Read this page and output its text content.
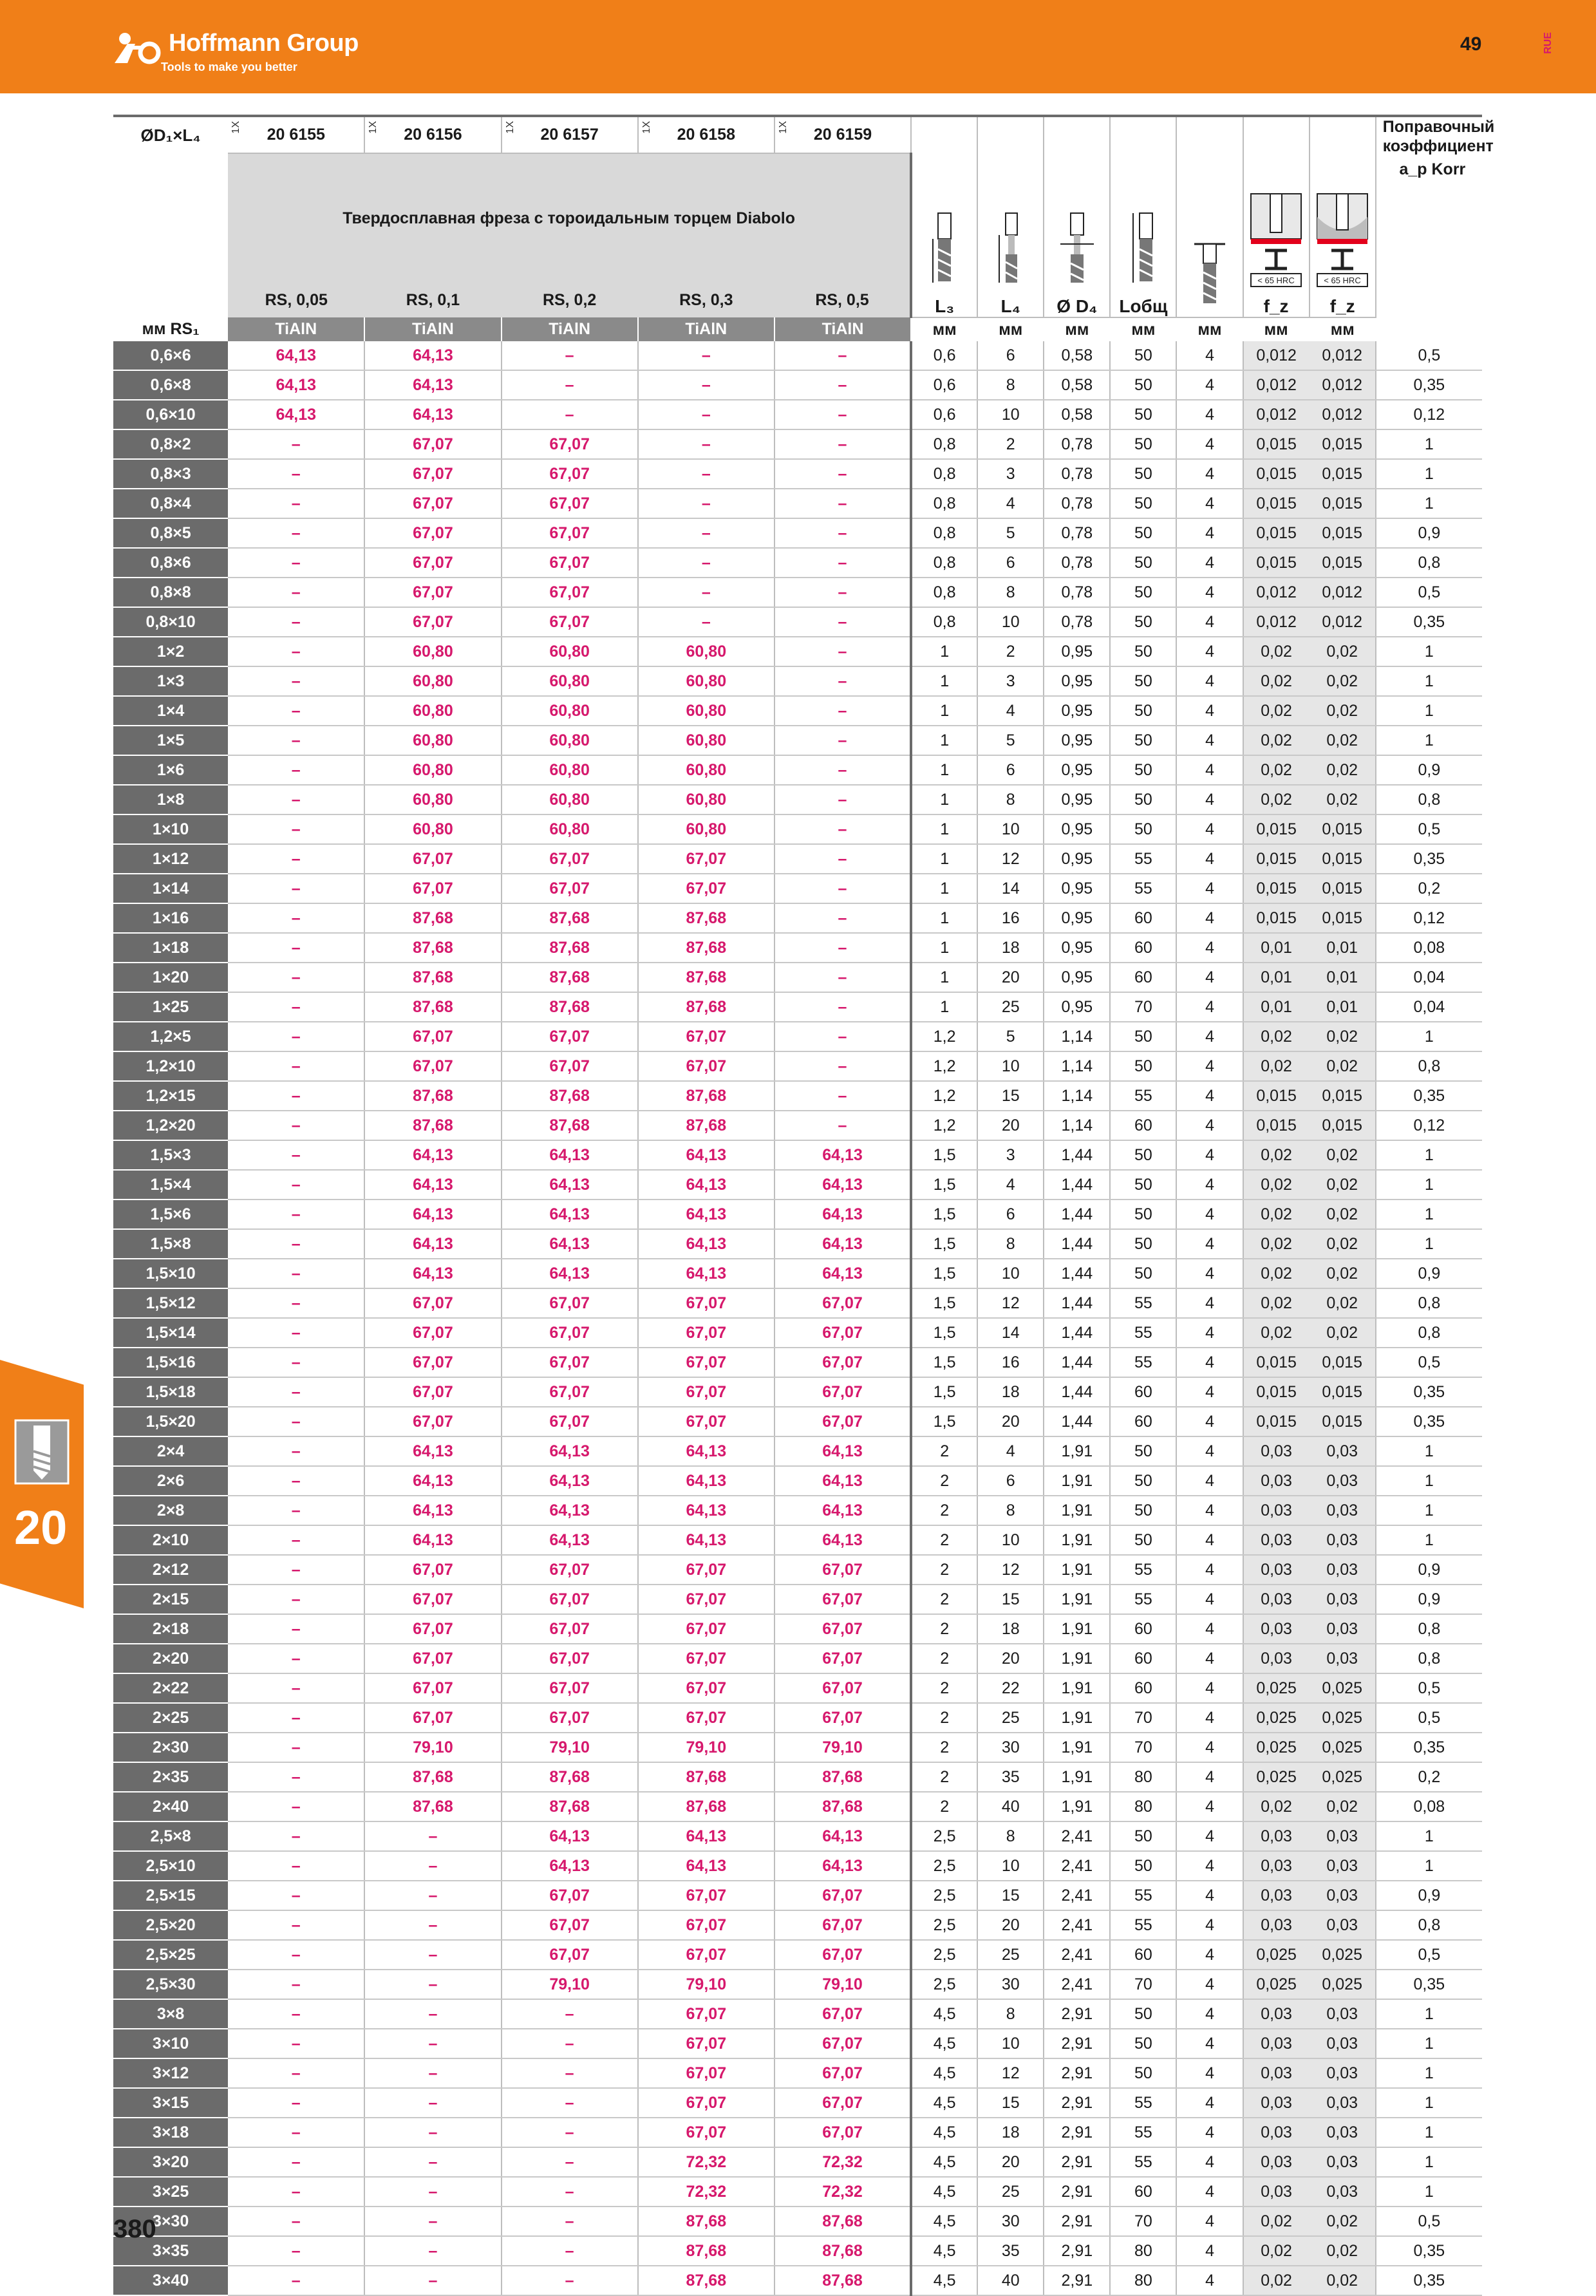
Hoffmann Group
Tools to make you better
49	RUE
20
ØD₁×L₄	1X 20 6155	1X 20 6156	1X 20 6157	1X 20 6158	1X 20 6159	L₃	L₄	Ø D₄	Lобщ		< 65 HRC
f_z	< 65 HRC
f_z	Поправочный коэффициент
a_p Korr

	Твердосплавная фреза с тороидальным торцем Diabolo												
	RS, 0,05	RS, 0,1	RS, 0,2	RS, 0,3	RS, 0,5								
мм RS₁	TiAlN	TiAlN	TiAlN	TiAlN	TiAlN	мм	мм	мм	мм	мм	мм	мм	
0,6×6	64,13	64,13	–	–	–	0,6	6	0,58	50	4	0,012	0,012	0,5
0,6×8	64,13	64,13	–	–	–	0,6	8	0,58	50	4	0,012	0,012	0,35
0,6×10	64,13	64,13	–	–	–	0,6	10	0,58	50	4	0,012	0,012	0,12
0,8×2	–	67,07	67,07	–	–	0,8	2	0,78	50	4	0,015	0,015	1
0,8×3	–	67,07	67,07	–	–	0,8	3	0,78	50	4	0,015	0,015	1
0,8×4	–	67,07	67,07	–	–	0,8	4	0,78	50	4	0,015	0,015	1
0,8×5	–	67,07	67,07	–	–	0,8	5	0,78	50	4	0,015	0,015	0,9
0,8×6	–	67,07	67,07	–	–	0,8	6	0,78	50	4	0,015	0,015	0,8
0,8×8	–	67,07	67,07	–	–	0,8	8	0,78	50	4	0,012	0,012	0,5
0,8×10	–	67,07	67,07	–	–	0,8	10	0,78	50	4	0,012	0,012	0,35
1×2	–	60,80	60,80	60,80	–	1	2	0,95	50	4	0,02	0,02	1
1×3	–	60,80	60,80	60,80	–	1	3	0,95	50	4	0,02	0,02	1
1×4	–	60,80	60,80	60,80	–	1	4	0,95	50	4	0,02	0,02	1
1×5	–	60,80	60,80	60,80	–	1	5	0,95	50	4	0,02	0,02	1
1×6	–	60,80	60,80	60,80	–	1	6	0,95	50	4	0,02	0,02	0,9
1×8	–	60,80	60,80	60,80	–	1	8	0,95	50	4	0,02	0,02	0,8
1×10	–	60,80	60,80	60,80	–	1	10	0,95	50	4	0,015	0,015	0,5
1×12	–	67,07	67,07	67,07	–	1	12	0,95	55	4	0,015	0,015	0,35
1×14	–	67,07	67,07	67,07	–	1	14	0,95	55	4	0,015	0,015	0,2
1×16	–	87,68	87,68	87,68	–	1	16	0,95	60	4	0,015	0,015	0,12
1×18	–	87,68	87,68	87,68	–	1	18	0,95	60	4	0,01	0,01	0,08
1×20	–	87,68	87,68	87,68	–	1	20	0,95	60	4	0,01	0,01	0,04
1×25	–	87,68	87,68	87,68	–	1	25	0,95	70	4	0,01	0,01	0,04
1,2×5	–	67,07	67,07	67,07	–	1,2	5	1,14	50	4	0,02	0,02	1
1,2×10	–	67,07	67,07	67,07	–	1,2	10	1,14	50	4	0,02	0,02	0,8
1,2×15	–	87,68	87,68	87,68	–	1,2	15	1,14	55	4	0,015	0,015	0,35
1,2×20	–	87,68	87,68	87,68	–	1,2	20	1,14	60	4	0,015	0,015	0,12
1,5×3	–	64,13	64,13	64,13	64,13	1,5	3	1,44	50	4	0,02	0,02	1
1,5×4	–	64,13	64,13	64,13	64,13	1,5	4	1,44	50	4	0,02	0,02	1
1,5×6	–	64,13	64,13	64,13	64,13	1,5	6	1,44	50	4	0,02	0,02	1
1,5×8	–	64,13	64,13	64,13	64,13	1,5	8	1,44	50	4	0,02	0,02	1
1,5×10	–	64,13	64,13	64,13	64,13	1,5	10	1,44	50	4	0,02	0,02	0,9
1,5×12	–	67,07	67,07	67,07	67,07	1,5	12	1,44	55	4	0,02	0,02	0,8
1,5×14	–	67,07	67,07	67,07	67,07	1,5	14	1,44	55	4	0,02	0,02	0,8
1,5×16	–	67,07	67,07	67,07	67,07	1,5	16	1,44	55	4	0,015	0,015	0,5
1,5×18	–	67,07	67,07	67,07	67,07	1,5	18	1,44	60	4	0,015	0,015	0,35
1,5×20	–	67,07	67,07	67,07	67,07	1,5	20	1,44	60	4	0,015	0,015	0,35
2×4	–	64,13	64,13	64,13	64,13	2	4	1,91	50	4	0,03	0,03	1
2×6	–	64,13	64,13	64,13	64,13	2	6	1,91	50	4	0,03	0,03	1
2×8	–	64,13	64,13	64,13	64,13	2	8	1,91	50	4	0,03	0,03	1
2×10	–	64,13	64,13	64,13	64,13	2	10	1,91	50	4	0,03	0,03	1
2×12	–	67,07	67,07	67,07	67,07	2	12	1,91	55	4	0,03	0,03	0,9
2×15	–	67,07	67,07	67,07	67,07	2	15	1,91	55	4	0,03	0,03	0,9
2×18	–	67,07	67,07	67,07	67,07	2	18	1,91	60	4	0,03	0,03	0,8
2×20	–	67,07	67,07	67,07	67,07	2	20	1,91	60	4	0,03	0,03	0,8
2×22	–	67,07	67,07	67,07	67,07	2	22	1,91	60	4	0,025	0,025	0,5
2×25	–	67,07	67,07	67,07	67,07	2	25	1,91	70	4	0,025	0,025	0,5
2×30	–	79,10	79,10	79,10	79,10	2	30	1,91	70	4	0,025	0,025	0,35
2×35	–	87,68	87,68	87,68	87,68	2	35	1,91	80	4	0,025	0,025	0,2
2×40	–	87,68	87,68	87,68	87,68	2	40	1,91	80	4	0,02	0,02	0,08
2,5×8	–	–	64,13	64,13	64,13	2,5	8	2,41	50	4	0,03	0,03	1
2,5×10	–	–	64,13	64,13	64,13	2,5	10	2,41	50	4	0,03	0,03	1
2,5×15	–	–	67,07	67,07	67,07	2,5	15	2,41	55	4	0,03	0,03	0,9
2,5×20	–	–	67,07	67,07	67,07	2,5	20	2,41	55	4	0,03	0,03	0,8
2,5×25	–	–	67,07	67,07	67,07	2,5	25	2,41	60	4	0,025	0,025	0,5
2,5×30	–	–	79,10	79,10	79,10	2,5	30	2,41	70	4	0,025	0,025	0,35
3×8	–	–	–	67,07	67,07	4,5	8	2,91	50	4	0,03	0,03	1
3×10	–	–	–	67,07	67,07	4,5	10	2,91	50	4	0,03	0,03	1
3×12	–	–	–	67,07	67,07	4,5	12	2,91	50	4	0,03	0,03	1
3×15	–	–	–	67,07	67,07	4,5	15	2,91	55	4	0,03	0,03	1
3×18	–	–	–	67,07	67,07	4,5	18	2,91	55	4	0,03	0,03	1
3×20	–	–	–	72,32	72,32	4,5	20	2,91	55	4	0,03	0,03	1
3×25	–	–	–	72,32	72,32	4,5	25	2,91	60	4	0,03	0,03	1
3×30	–	–	–	87,68	87,68	4,5	30	2,91	70	4	0,02	0,02	0,5
3×35	–	–	–	87,68	87,68	4,5	35	2,91	80	4	0,02	0,02	0,35
3×40	–	–	–	87,68	87,68	4,5	40	2,91	80	4	0,02	0,02	0,35
380
